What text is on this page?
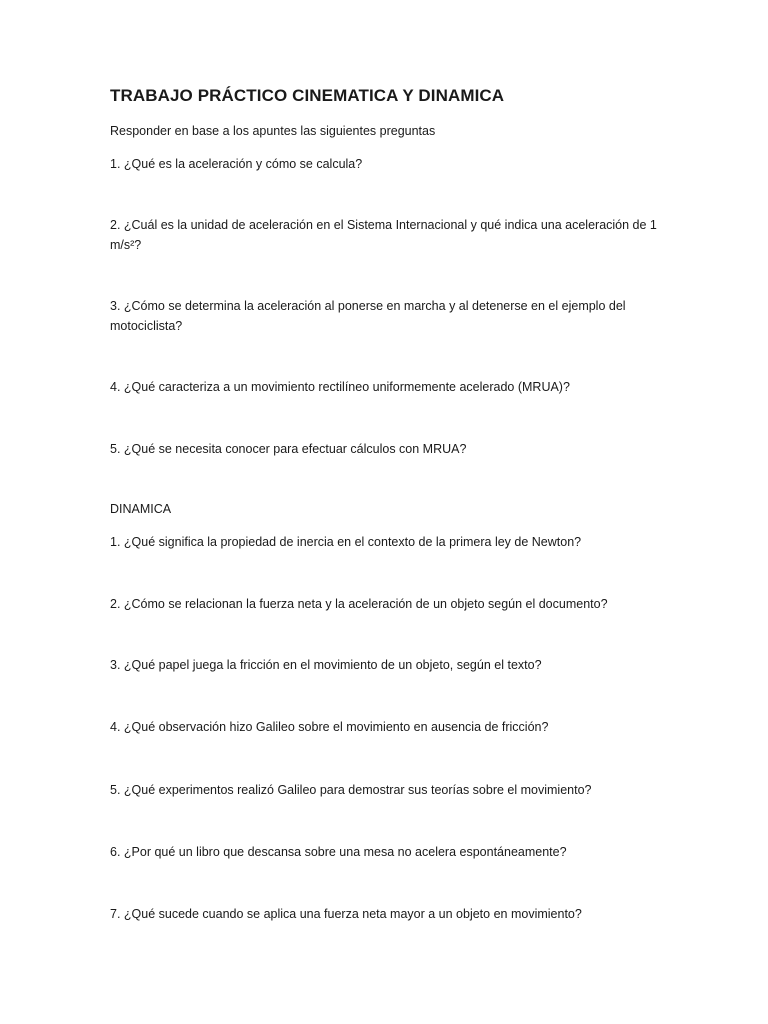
TRABAJO PRÁCTICO CINEMATICA Y DINAMICA

Responder en base a los apuntes las siguientes preguntas

1. ¿Qué es la aceleración y cómo se calcula?

2. ¿Cuál es la unidad de aceleración en el Sistema Internacional y qué indica una aceleración de 1 m/s²?

3. ¿Cómo se determina la aceleración al ponerse en marcha y al detenerse en el ejemplo del motociclista?

4. ¿Qué caracteriza a un movimiento rectilíneo uniformemente acelerado (MRUA)?

5. ¿Qué se necesita conocer para efectuar cálculos con MRUA?

DINAMICA

1. ¿Qué significa la propiedad de inercia en el contexto de la primera ley de Newton?

2. ¿Cómo se relacionan la fuerza neta y la aceleración de un objeto según el documento?

3. ¿Qué papel juega la fricción en el movimiento de un objeto, según el texto?

4. ¿Qué observación hizo Galileo sobre el movimiento en ausencia de fricción?

5. ¿Qué experimentos realizó Galileo para demostrar sus teorías sobre el movimiento?

6. ¿Por qué un libro que descansa sobre una mesa no acelera espontáneamente?

7. ¿Qué sucede cuando se aplica una fuerza neta mayor a un objeto en movimiento?
